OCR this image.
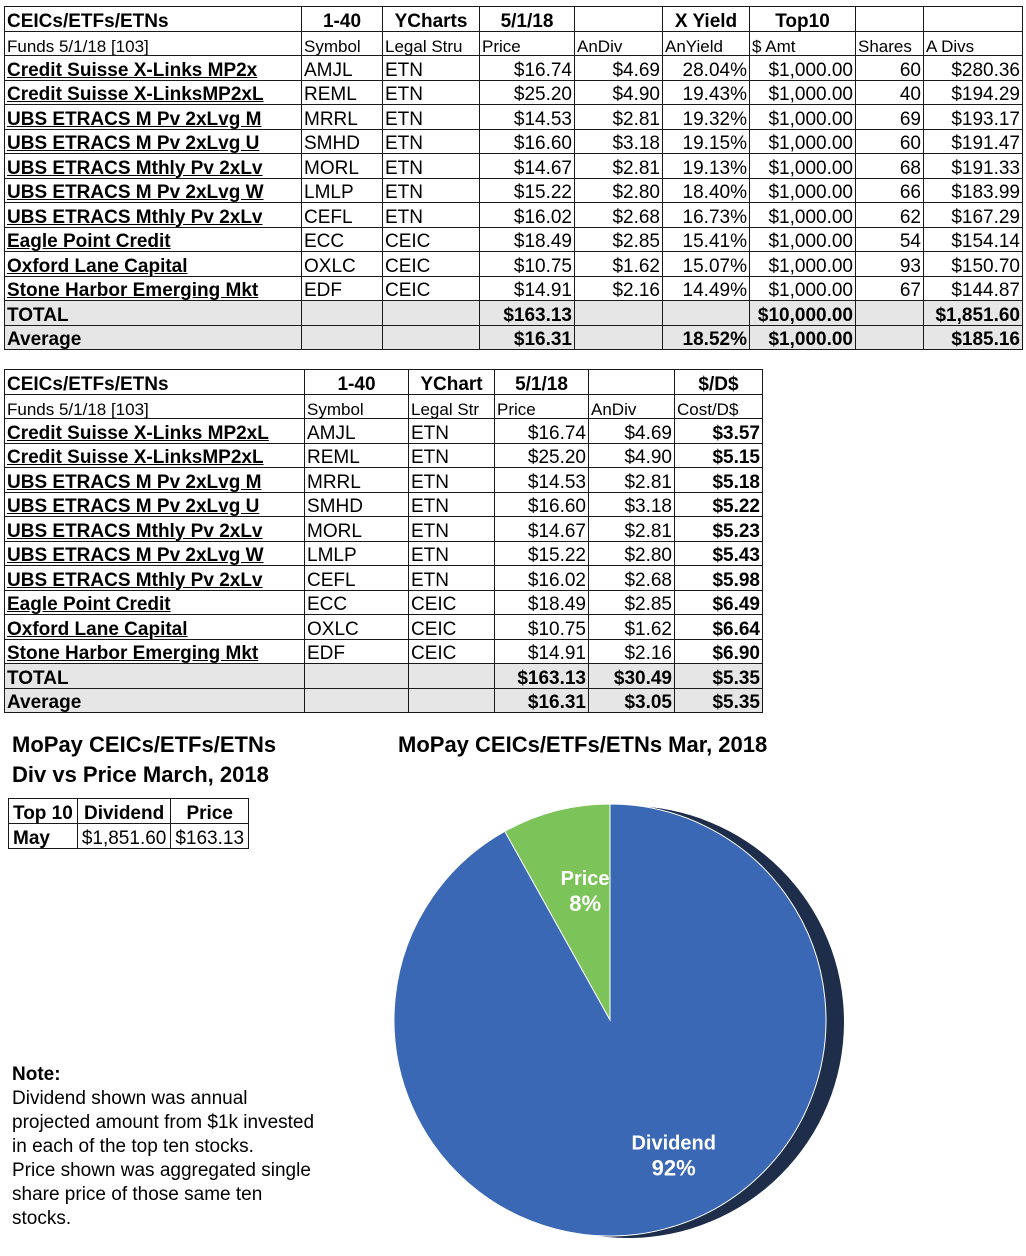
CEICs/ETFs/ETNs	1-40	YCharts	5/1/18		X Yield	Top10		
Funds 5/1/18 [103]	Symbol	Legal Stru	Price	AnDiv	AnYield	$ Amt	Shares	A Divs
Credit Suisse X-Links MP2x	AMJL	ETN	$16.74	$4.69	28.04%	$1,000.00	60	$280.36
Credit Suisse X-LinksMP2xL	REML	ETN	$25.20	$4.90	19.43%	$1,000.00	40	$194.29
UBS ETRACS M Pv 2xLvg M	MRRL	ETN	$14.53	$2.81	19.32%	$1,000.00	69	$193.17
UBS ETRACS M Pv 2xLvg U	SMHD	ETN	$16.60	$3.18	19.15%	$1,000.00	60	$191.47
UBS ETRACS Mthly Pv 2xLv	MORL	ETN	$14.67	$2.81	19.13%	$1,000.00	68	$191.33
UBS ETRACS M Pv 2xLvg W	LMLP	ETN	$15.22	$2.80	18.40%	$1,000.00	66	$183.99
UBS ETRACS Mthly Pv 2xLv	CEFL	ETN	$16.02	$2.68	16.73%	$1,000.00	62	$167.29
Eagle Point Credit	ECC	CEIC	$18.49	$2.85	15.41%	$1,000.00	54	$154.14
Oxford Lane Capital	OXLC	CEIC	$10.75	$1.62	15.07%	$1,000.00	93	$150.70
Stone Harbor Emerging Mkt	EDF	CEIC	$14.91	$2.16	14.49%	$1,000.00	67	$144.87
TOTAL			$163.13			$10,000.00		$1,851.60
Average			$16.31		18.52%	$1,000.00		$185.16
CEICs/ETFs/ETNs	1-40	YChart	5/1/18		$/D$
Funds 5/1/18 [103]	Symbol	Legal Str	Price	AnDiv	Cost/D$
Credit Suisse X-Links MP2xL	AMJL	ETN	$16.74	$4.69	$3.57
Credit Suisse X-LinksMP2xL	REML	ETN	$25.20	$4.90	$5.15
UBS ETRACS M Pv 2xLvg M	MRRL	ETN	$14.53	$2.81	$5.18
UBS ETRACS M Pv 2xLvg U	SMHD	ETN	$16.60	$3.18	$5.22
UBS ETRACS Mthly Pv 2xLv	MORL	ETN	$14.67	$2.81	$5.23
UBS ETRACS M Pv 2xLvg W	LMLP	ETN	$15.22	$2.80	$5.43
UBS ETRACS Mthly Pv 2xLv	CEFL	ETN	$16.02	$2.68	$5.98
Eagle Point Credit	ECC	CEIC	$18.49	$2.85	$6.49
Oxford Lane Capital	OXLC	CEIC	$10.75	$1.62	$6.64
Stone Harbor Emerging Mkt	EDF	CEIC	$14.91	$2.16	$6.90
TOTAL			$163.13	$30.49	$5.35
Average			$16.31	$3.05	$5.35
MoPay CEICs/ETFs/ETNs
Div vs Price March, 2018
Top 10	Dividend	Price
May	$1,851.60	$163.13
Note:
Dividend shown was annual
projected amount from $1k invested
in each of the top ten stocks.
Price shown was aggregated single
share price of those same ten
stocks.
MoPay CEICs/ETFs/ETNs Mar, 2018
Price
8%
Dividend
92%
